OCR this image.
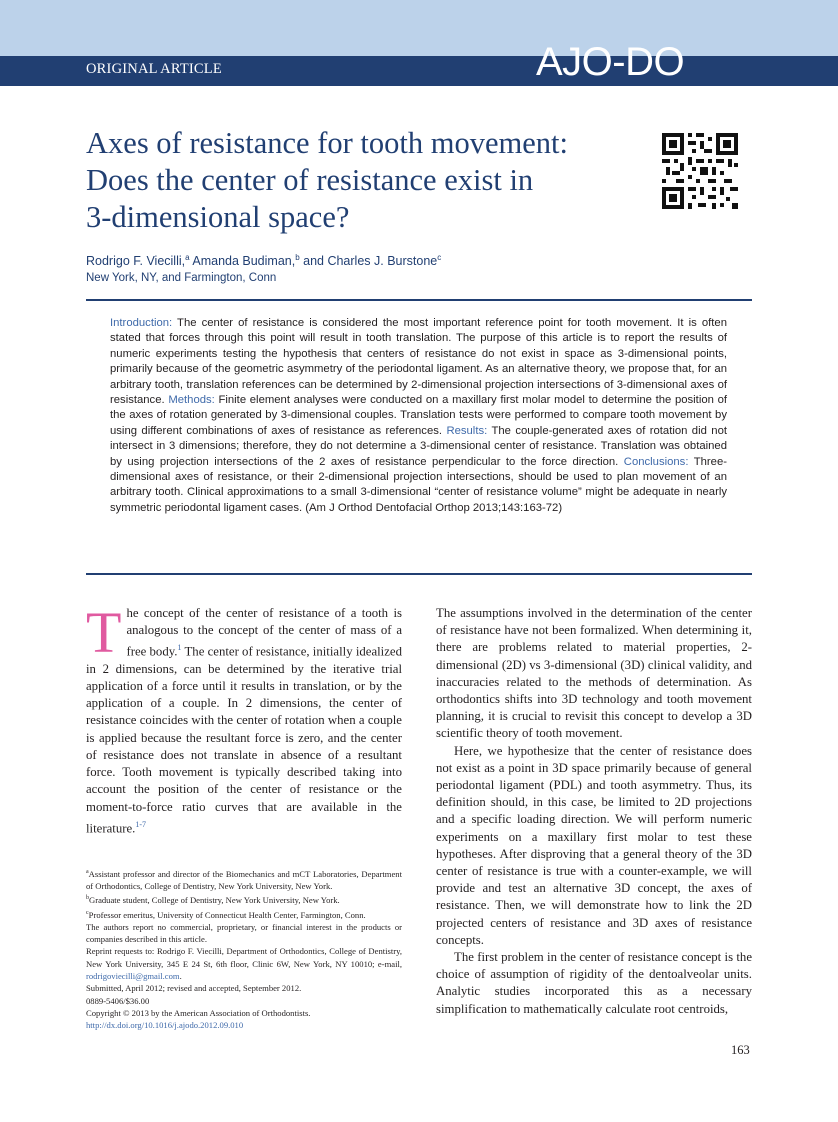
ORIGINAL ARTICLE	AJO-DO
Axes of resistance for tooth movement:
Does the center of resistance exist in
3-dimensional space?
Rodrigo F. Viecilli,$^a$ Amanda Budiman,$^b$ and Charles J. Burstone$^c$
New York, NY, and Farmington, Conn

Introduction: The center of resistance is considered the most important reference point for tooth movement. It is often stated that forces through this point will result in tooth translation. The purpose of this article is to report the results of numeric experiments testing the hypothesis that centers of resistance do not exist in space as 3-dimensional points, primarily because of the geometric asymmetry of the periodontal ligament. As an alternative theory, we propose that, for an arbitrary tooth, translation references can be determined by 2-dimensional projection intersections of 3-dimensional axes of resistance. Methods: Finite element analyses were conducted on a maxillary first molar model to determine the position of the axes of rotation generated by 3-dimensional couples. Translation tests were performed to compare tooth movement by using different combinations of axes of resistance as references. Results: The couple-generated axes of rotation did not intersect in 3 dimensions; therefore, they do not determine a 3-dimensional center of resistance. Translation was obtained by using projection intersections of the 2 axes of resistance perpendicular to the force direction. Conclusions: Three-dimensional axes of resistance, or their 2-dimensional projection intersections, should be used to plan movement of an arbitrary tooth. Clinical approximations to a small 3-dimensional “center of resistance volume” might be adequate in nearly symmetric periodontal ligament cases. (Am J Orthod Dentofacial Orthop 2013;143:163-72)

The concept of the center of resistance of a tooth is analogous to the concept of the center of mass of a free body.$^1$ The center of resistance, initially idealized in 2 dimensions, can be determined by the iterative trial application of a force until it results in translation, or by the application of a couple. In 2 dimensions, the center of resistance coincides with the center of rotation when a couple is applied because the resultant force is zero, and the center of resistance does not translate in absence of a resultant force. Tooth movement is typically described taking into account the position of the center of resistance or the moment-to-force ratio curves that are available in the literature.$^{1-7}$

The assumptions involved in the determination of the center of resistance have not been formalized. When determining it, there are problems related to material properties, 2-dimensional (2D) vs 3-dimensional (3D) clinical validity, and inaccuracies related to the methods of determination. As orthodontics shifts into 3D technology and tooth movement planning, it is crucial to revisit this concept to develop a 3D scientific theory of tooth movement.

Here, we hypothesize that the center of resistance does not exist as a point in 3D space primarily because of general periodontal ligament (PDL) and tooth asymmetry. Thus, its definition should, in this case, be limited to 2D projections and a specific loading direction. We will perform numeric experiments on a maxillary first molar to test these hypotheses. After disproving that a general theory of the 3D center of resistance is true with a counter-example, we will provide and test an alternative 3D concept, the axes of resistance. Then, we will demonstrate how to link the 2D projected centers of resistance and 3D axes of resistance concepts.

The first problem in the center of resistance concept is the choice of assumption of rigidity of the dentoalveolar units. Analytic studies incorporated this as a necessary simplification to mathematically calculate root centroids,

$^a$Assistant professor and director of the Biomechanics and mCT Laboratories, Department of Orthodontics, College of Dentistry, New York University, New York.

$^b$Graduate student, College of Dentistry, New York University, New York.

$^c$Professor emeritus, University of Connecticut Health Center, Farmington, Conn.

The authors report no commercial, proprietary, or financial interest in the products or companies described in this article.

Reprint requests to: Rodrigo F. Viecilli, Department of Orthodontics, College of Dentistry, New York University, 345 E 24 St, 6th floor, Clinic 6W, New York, NY 10010; e-mail, rodrigoviecilli@gmail.com.

Submitted, April 2012; revised and accepted, September 2012.

0889-5406/$36.00

Copyright © 2013 by the American Association of Orthodontists.

http://dx.doi.org/10.1016/j.ajodo.2012.09.010

163
